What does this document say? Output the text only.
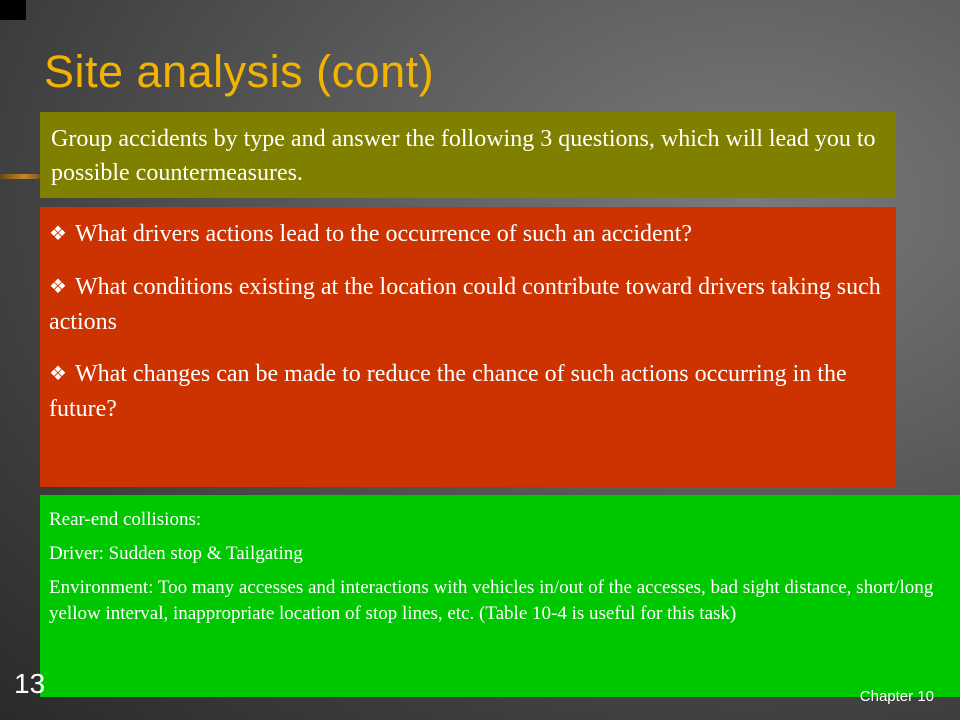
Site analysis (cont)
Group accidents by type and answer the following 3 questions, which will lead you to possible countermeasures.

❖ What drivers actions lead to the occurrence of such an accident?

❖ What conditions existing at the location could contribute toward drivers taking such actions

❖ What changes can be made to reduce the chance of such actions occurring in the future?

Rear-end collisions:

Driver: Sudden stop & Tailgating

Environment: Too many accesses and interactions with vehicles in/out of the accesses, bad sight distance, short/long yellow interval, inappropriate location of stop lines, etc. (Table 10-4 is useful for this task)

13	Chapter 10
